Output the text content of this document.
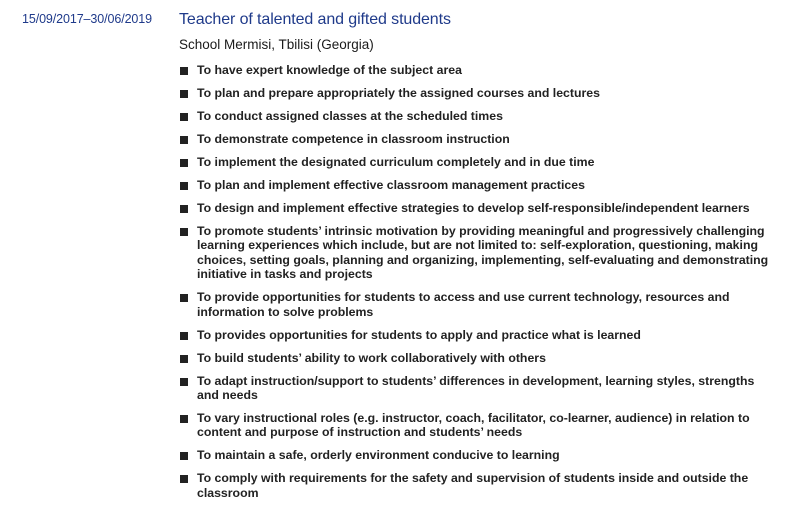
15/09/2017–30/06/2019 Teacher of talented and gifted students
School Mermisi, Tbilisi (Georgia)
To have expert knowledge of the subject area
To plan and prepare appropriately the assigned courses and lectures
To conduct assigned classes at the scheduled times
To demonstrate competence in classroom instruction
To implement the designated curriculum completely and in due time
To plan and implement effective classroom management practices
To design and implement effective strategies to develop self-responsible/independent learners
To promote students’ intrinsic motivation by providing meaningful and progressively challenging learning experiences which include, but are not limited to: self-exploration, questioning, making choices, setting goals, planning and organizing, implementing, self-evaluating and demonstrating initiative in tasks and projects
To provide opportunities for students to access and use current technology, resources and information to solve problems
To provides opportunities for students to apply and practice what is learned
To build students’ ability to work collaboratively with others
To adapt instruction/support to students’ differences in development, learning styles, strengths and needs
To vary instructional roles (e.g. instructor, coach, facilitator, co-learner, audience) in relation to content and purpose of instruction and students’ needs
To maintain a safe, orderly environment conducive to learning
To comply with requirements for the safety and supervision of students inside and outside the classroom
